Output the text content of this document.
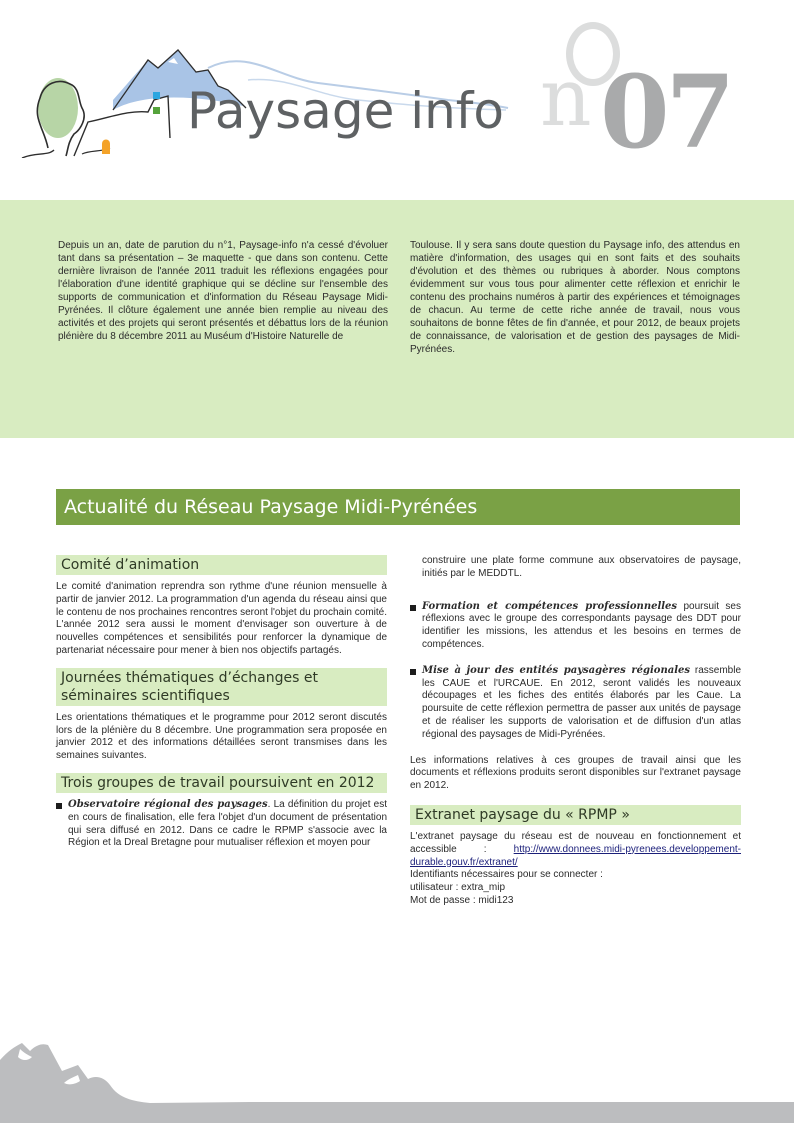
Paysage info n 07
Depuis un an, date de parution du n°1, Paysage-info n'a cessé d'évoluer tant dans sa présentation – 3e maquette - que dans son contenu. Cette dernière livraison de l'année 2011 traduit les réflexions engagées pour l'élaboration d'une identité graphique qui se décline sur l'ensemble des supports de communication et d'information du Réseau Paysage Midi-Pyrénées. Il clôture également une année bien remplie au niveau des activités et des projets qui seront présentés et débattus lors de la réunion plénière du 8 décembre 2011 au Muséum d'Histoire Naturelle de
Toulouse. Il y sera sans doute question du Paysage info, des attendus en matière d'information, des usages qui en sont faits et des souhaits d'évolution et des thèmes ou rubriques à aborder. Nous comptons évidemment sur vous tous pour alimenter cette réflexion et enrichir le contenu des prochains numéros à partir des expériences et témoignages de chacun. Au terme de cette riche année de travail, nous vous souhaitons de bonne fêtes de fin d'année, et pour 2012, de beaux projets de connaissance, de valorisation et de gestion des paysages de Midi-Pyrénées.
Actualité du Réseau Paysage Midi-Pyrénées
Comité d’animation

Le comité d'animation reprendra son rythme d'une réunion mensuelle à partir de janvier 2012. La programmation d'un agenda du réseau ainsi que le contenu de nos prochaines rencontres seront l'objet du prochain comité. L'année 2012 sera aussi le moment d'envisager son ouverture à de nouvelles compétences et sensibilités pour renforcer la dynamique de partenariat nécessaire pour mener à bien nos objectifs partagés.

Journées thématiques d’échanges et séminaires scientifiques

Les orientations thématiques et le programme pour 2012 seront discutés lors de la plénière du 8 décembre. Une programmation sera proposée en janvier 2012 et des informations détaillées seront transmises dans les semaines suivantes.

Trois groupes de travail poursuivent en 2012
Observatoire régional des paysages. La définition du projet est en cours de finalisation, elle fera l'objet d'un document de présentation qui sera diffusé en 2012. Dans ce cadre le RPMP s'associe avec la Région et la Dreal Bretagne pour mutualiser réflexion et moyen pour
construire une plate forme commune aux observatoires de paysage, initiés par le MEDDTL.
Formation et compétences professionnelles poursuit ses réflexions avec le groupe des correspondants paysage des DDT pour identifier les missions, les attendus et les besoins en termes de compétences.
Mise à jour des entités paysagères régionales rassemble les CAUE et l'URCAUE. En 2012, seront validés les nouveaux découpages et les fiches des entités élaborés par les Caue. La poursuite de cette réflexion permettra de passer aux unités de paysage et de réaliser les supports de valorisation et de diffusion d'un atlas régional des paysages de Midi-Pyrénées.

Les informations relatives à ces groupes de travail ainsi que les documents et réflexions produits seront disponibles sur l'extranet paysage en 2012.

Extranet paysage du « RPMP »

L'extranet paysage du réseau est de nouveau en fonctionnement et accessible : http://www.donnees.midi-pyrenees.developpement-durable.gouv.fr/extranet/

Identifiants nécessaires pour se connecter :
utilisateur : extra_mip
Mot de passe : midi123
